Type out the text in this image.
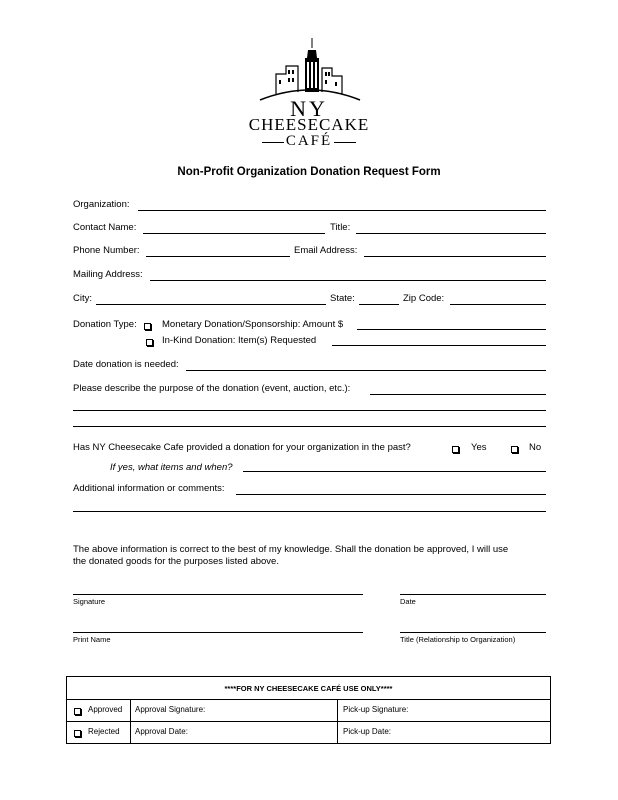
NY
CHEESECAKE
CAFÉ
Non-Profit Organization Donation Request Form
Organization:
Contact Name:	Title:
Phone Number:	Email Address:
Mailing Address:
City:	State:	Zip Code:
Donation Type:	Monetary Donation/Sponsorship: Amount $
In-Kind Donation: Item(s) Requested
Date donation is needed:
Please describe the purpose of the donation (event, auction, etc.):
Has NY Cheesecake Cafe provided a donation for your organization in the past?	Yes	No
If yes, what items and when?
Additional information or comments:
The above information is correct to the best of my knowledge. Shall the donation be approved, I will use
the donated goods for the purposes listed above.
Signature	Date
Print Name	Title (Relationship to Organization)
****FOR NY CHEESECAKE CAFÉ USE ONLY****
Approved Approval Signature:	Pick-up Signature:
Rejected Approval Date:	Pick-up Date:
